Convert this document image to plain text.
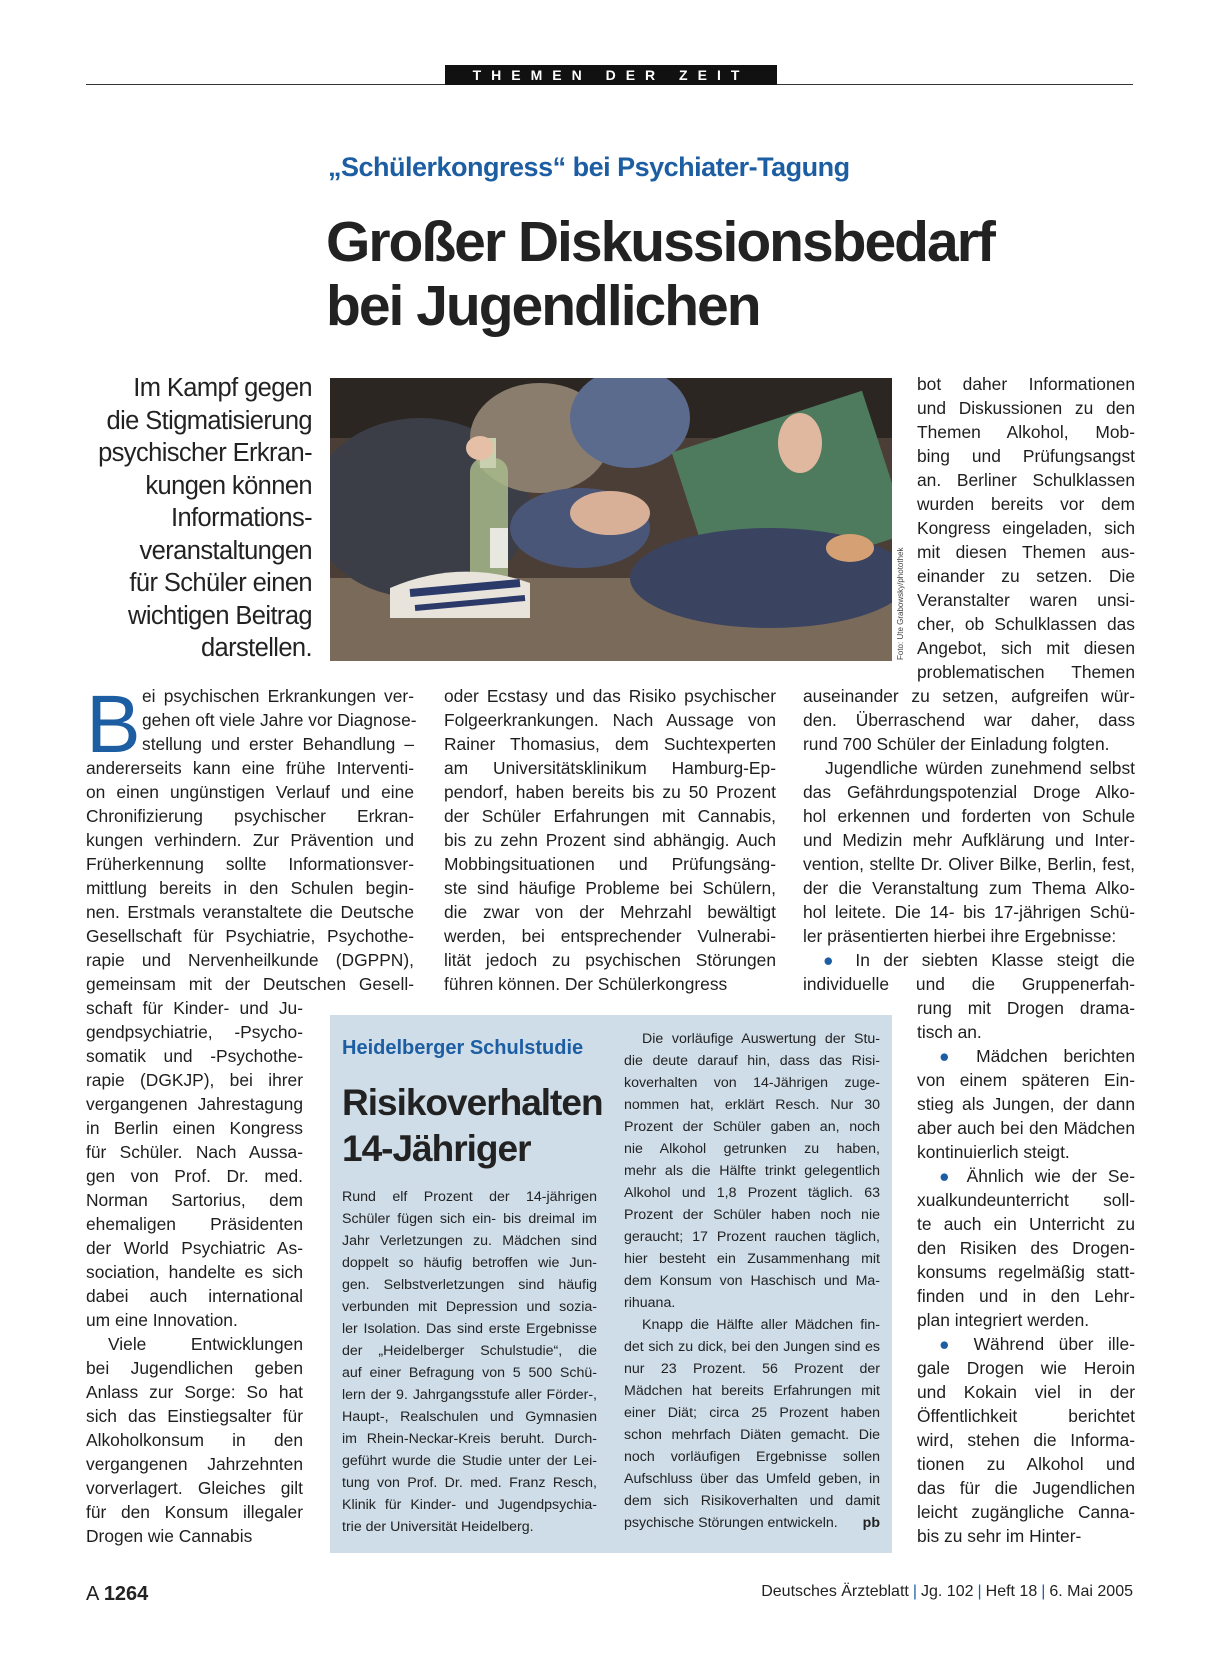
THEMEN DER ZEIT
„Schülerkongress“ bei Psychiater-Tagung
Großer Diskussionsbedarf
bei Jugendlichen
Im Kampf gegen
die Stigmatisierung
psychischer Erkran-
kungen können
Informations-
veranstaltungen
für Schüler einen
wichtigen Beitrag
darstellen.	Foto: Ute Grabowsky/photothek
B ei psychischen Erkrankungen ver-
gehen oft viele Jahre vor Diagnose-
stellung und erster Behandlung –
andererseits kann eine frühe Interventi-
on einen ungünstigen Verlauf und eine
Chronifizierung psychischer Erkran-
kungen verhindern. Zur Prävention und
Früherkennung sollte Informationsver-
mittlung bereits in den Schulen begin-
nen. Erstmals veranstaltete die Deutsche
Gesellschaft für Psychiatrie, Psychothe-
rapie und Nervenheilkunde (DGPPN),
gemeinsam mit der Deutschen Gesell-
schaft für Kinder- und Ju-
gendpsychiatrie, -Psycho-
somatik und -Psychothe-
rapie (DGKJP), bei ihrer
vergangenen Jahrestagung
in Berlin einen Kongress
für Schüler. Nach Aussa-
gen von Prof. Dr. med.
Norman Sartorius, dem
ehemaligen Präsidenten
der World Psychiatric As-
sociation, handelte es sich
dabei auch international
um eine Innovation.
Viele Entwicklungen
bei Jugendlichen geben
Anlass zur Sorge: So hat
sich das Einstiegsalter für
Alkoholkonsum in den
vergangenen Jahrzehnten
vorverlagert. Gleiches gilt
für den Konsum illegaler
Drogen wie Cannabis
oder Ecstasy und das Risiko psychischer
Folgeerkrankungen. Nach Aussage von
Rainer Thomasius, dem Suchtexperten
am Universitätsklinikum Hamburg-Ep-
pendorf, haben bereits bis zu 50 Prozent
der Schüler Erfahrungen mit Cannabis,
bis zu zehn Prozent sind abhängig. Auch
Mobbingsituationen und Prüfungsäng-
ste sind häufige Probleme bei Schülern,
die zwar von der Mehrzahl bewältigt
werden, bei entsprechender Vulnerabi-
lität jedoch zu psychischen Störungen
führen können. Der Schülerkongress
bot daher Informationen
und Diskussionen zu den
Themen Alkohol, Mob-
bing und Prüfungsangst
an. Berliner Schulklassen
wurden bereits vor dem
Kongress eingeladen, sich
mit diesen Themen aus-
einander zu setzen. Die
Veranstalter waren unsi-
cher, ob Schulklassen das
Angebot, sich mit diesen
problematischen Themen
auseinander zu setzen, aufgreifen wür-
den. Überraschend war daher, dass
rund 700 Schüler der Einladung folgten.
Jugendliche würden zunehmend selbst
das Gefährdungspotenzial Droge Alko-
hol erkennen und forderten von Schule
und Medizin mehr Aufklärung und Inter-
vention, stellte Dr. Oliver Bilke, Berlin, fest,
der die Veranstaltung zum Thema Alko-
hol leitete. Die 14- bis 17-jährigen Schü-
ler präsentierten hierbei ihre Ergebnisse:
● In der siebten Klasse steigt die
individuelle und die Gruppenerfah-
rung mit Drogen drama-
tisch an.
● Mädchen berichten
von einem späteren Ein-
stieg als Jungen, der dann
aber auch bei den Mädchen
kontinuierlich steigt.
● Ähnlich wie der Se-
xualkundeunterricht soll-
te auch ein Unterricht zu
den Risiken des Drogen-
konsums regelmäßig statt-
finden und in den Lehr-
plan integriert werden.
● Während über ille-
gale Drogen wie Heroin
und Kokain viel in der
Öffentlichkeit berichtet
wird, stehen die Informa-
tionen zu Alkohol und
das für die Jugendlichen
leicht zugängliche Canna-
bis zu sehr im Hinter-
Heidelberger Schulstudie
Risikoverhalten
14-Jähriger
Rund elf Prozent der 14-jährigen
Schüler fügen sich ein- bis dreimal im
Jahr Verletzungen zu. Mädchen sind
doppelt so häufig betroffen wie Jun-
gen. Selbstverletzungen sind häufig
verbunden mit Depression und sozia-
ler Isolation. Das sind erste Ergebnisse
der „Heidelberger Schulstudie“, die
auf einer Befragung von 5 500 Schü-
lern der 9. Jahrgangsstufe aller Förder-,
Haupt-, Realschulen und Gymnasien
im Rhein-Neckar-Kreis beruht. Durch-
geführt wurde die Studie unter der Lei-
tung von Prof. Dr. med. Franz Resch,
Klinik für Kinder- und Jugendpsychia-
trie der Universität Heidelberg.
Die vorläufige Auswertung der Stu-
die deute darauf hin, dass das Risi-
koverhalten von 14-Jährigen zuge-
nommen hat, erklärt Resch. Nur 30
Prozent der Schüler gaben an, noch
nie Alkohol getrunken zu haben,
mehr als die Hälfte trinkt gelegentlich
Alkohol und 1,8 Prozent täglich. 63
Prozent der Schüler haben noch nie
geraucht; 17 Prozent rauchen täglich,
hier besteht ein Zusammenhang mit
dem Konsum von Haschisch und Ma-
rihuana.
Knapp die Hälfte aller Mädchen fin-
det sich zu dick, bei den Jungen sind es
nur 23 Prozent. 56 Prozent der
Mädchen hat bereits Erfahrungen mit
einer Diät; circa 25 Prozent haben
schon mehrfach Diäten gemacht. Die
noch vorläufigen Ergebnisse sollen
Aufschluss über das Umfeld geben, in
dem sich Risikoverhalten und damit
psychische Störungen entwickeln. pb
A 1264	Deutsches Ärzteblatt | Jg. 102 | Heft 18 | 6. Mai 2005
